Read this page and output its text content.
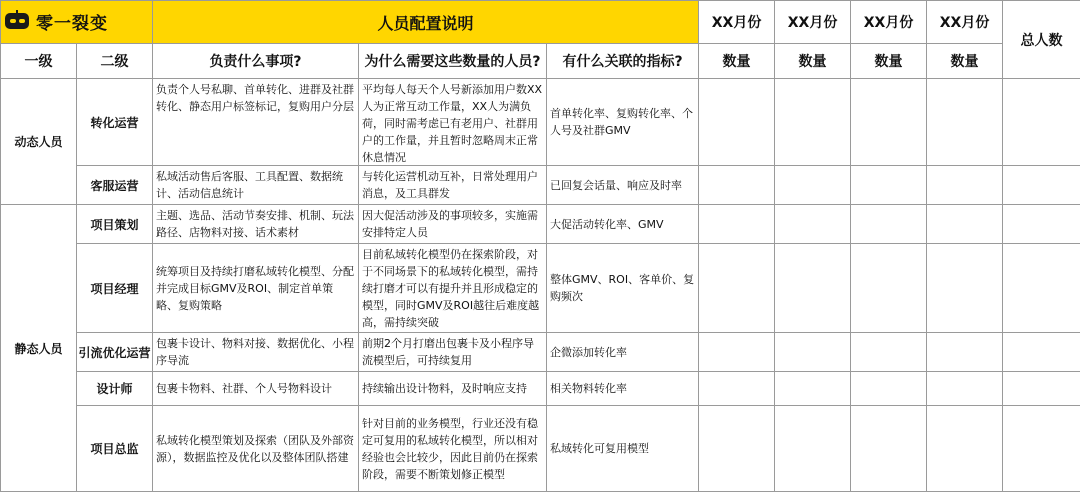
		人员配置说明			XX月份	XX月份	XX月份	XX月份	总人数
一级	二级	负责什么事项?	为什么需要这些数量的人员?	有什么关联的指标?	数量	数量	数量	数量	
动态人员	转化运营	负责个人号私聊、首单转化、进群及社群转化、静态用户标签标记，复购用户分层	平均每人每天个人号新添加用户数XX人为正常互动工作量，XX人为满负荷，同时需考虑已有老用户、社群用户的工作量，并且暂时忽略周末正常休息情况	首单转化率、复购转化率、个人号及社群GMV					
	客服运营	私域活动售后客服、工具配置、数据统计、活动信息统计	与转化运营机动互补，日常处理用户消息，及工具群发	已回复会话量、响应及时率					
静态人员	项目策划	主题、选品、活动节奏安排、机制、玩法路径、店物料对接、话术素材	因大促活动涉及的事项较多，实施需安排特定人员	大促活动转化率、GMV					
	项目经理	统筹项目及持续打磨私域转化模型、分配并完成目标GMV及ROI、制定首单策略、复购策略	目前私域转化模型仍在探索阶段，对于不同场景下的私域转化模型，需持续打磨才可以有提升并且形成稳定的模型，同时GMV及ROI越往后难度越高，需持续突破	整体GMV、ROI、客单价、复购频次					
	引流优化运营	包裹卡设计、物料对接、数据优化、小程序导流	前期2个月打磨出包裹卡及小程序导流模型后，可持续复用	企微添加转化率					
	设计师	包裹卡物料、社群、个人号物料设计	持续输出设计物料，及时响应支持	相关物料转化率					
	项目总监	私域转化模型策划及探索（团队及外部资源），数据监控及优化以及整体团队搭建	针对目前的业务模型，行业还没有稳定可复用的私域转化模型，所以相对经验也会比较少，因此目前仍在探索阶段，需要不断策划修正模型	私域转化可复用模型					
零一裂变
